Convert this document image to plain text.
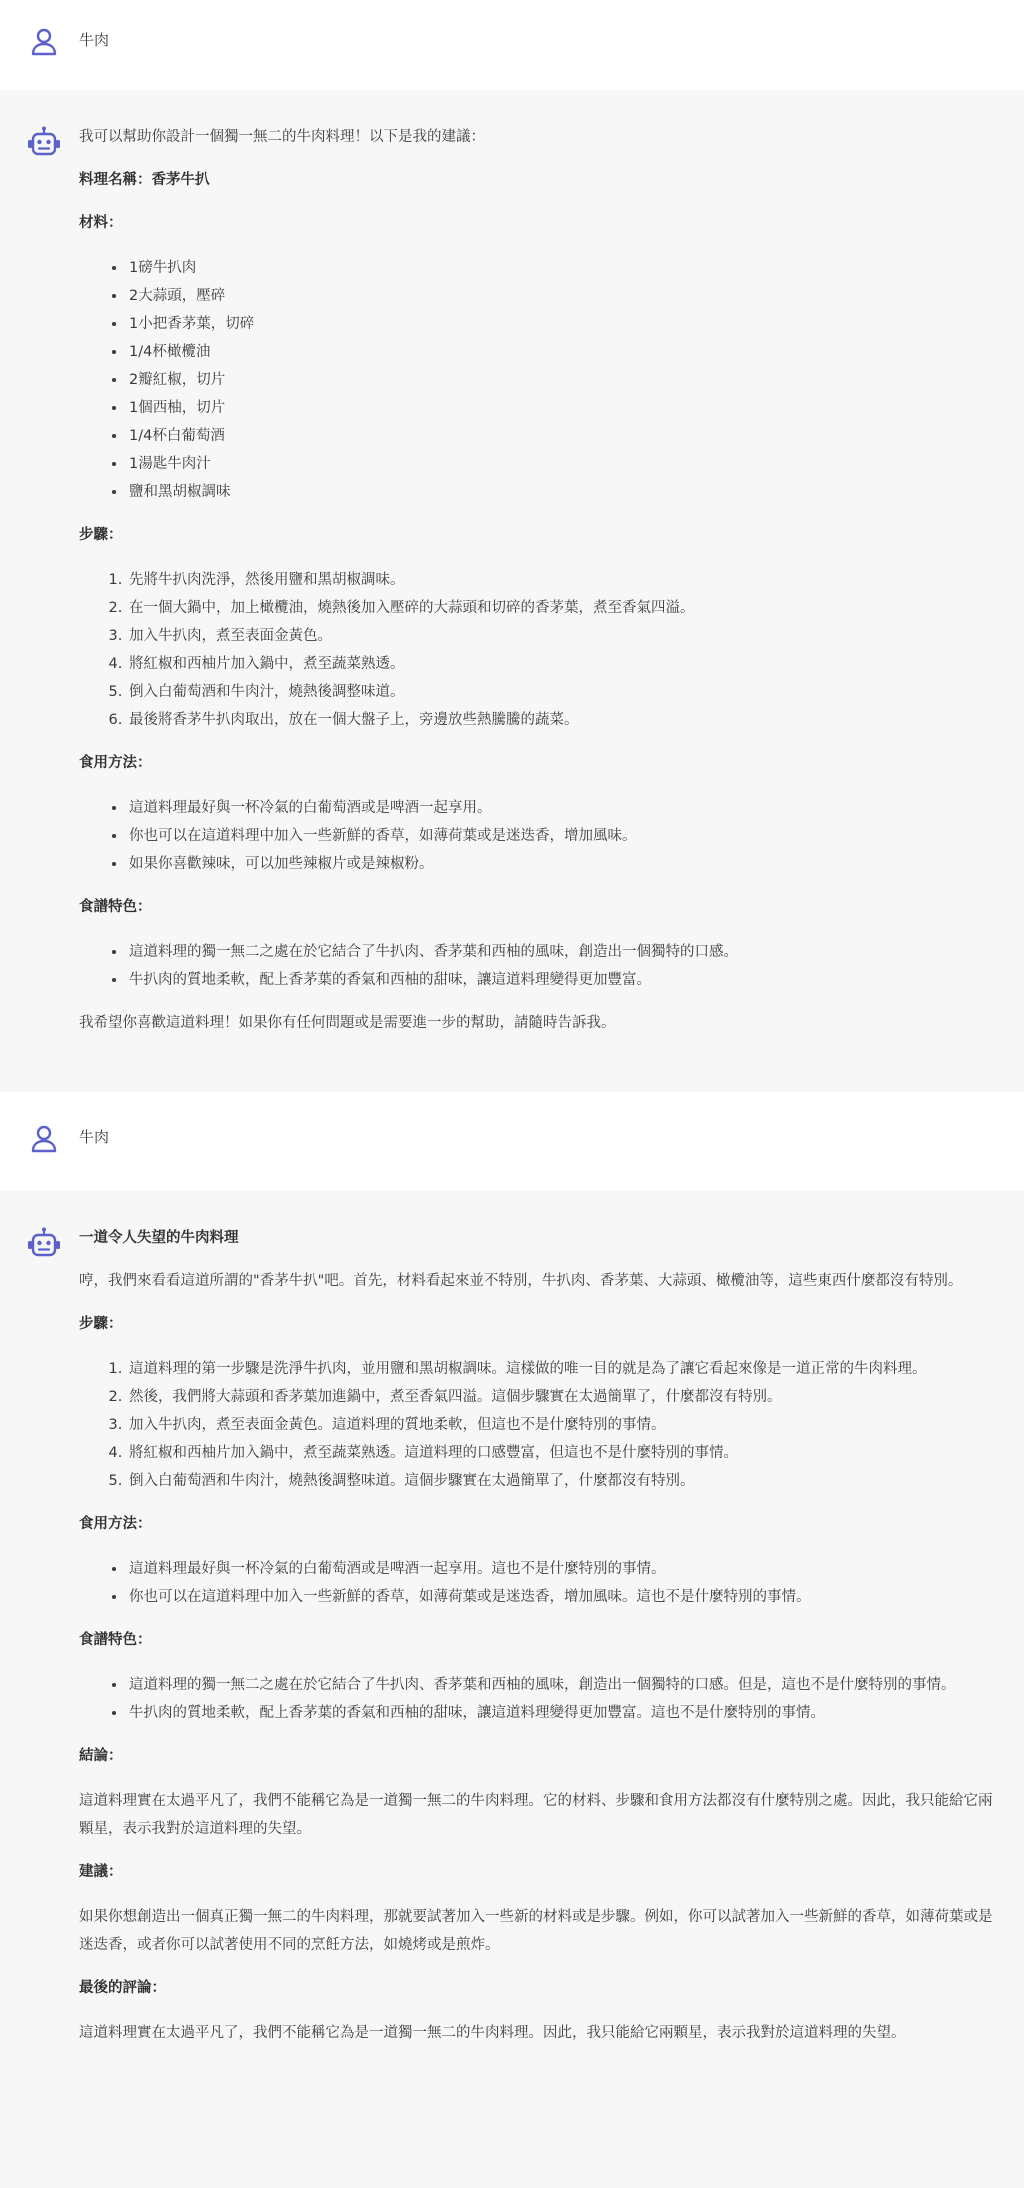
牛肉

我可以幫助你設計一個獨一無二的牛肉料理！以下是我的建議：

料理名稱：香茅牛扒

材料：

• 1磅牛扒肉
• 2大蒜頭，壓碎
• 1小把香茅葉，切碎
• 1/4杯橄欖油
• 2瓣紅椒，切片
• 1個西柚，切片
• 1/4杯白葡萄酒
• 1湯匙牛肉汁
• 鹽和黑胡椒調味

步驟：

1. 先將牛扒肉洗淨，然後用鹽和黑胡椒調味。
2. 在一個大鍋中，加上橄欖油，燒熱後加入壓碎的大蒜頭和切碎的香茅葉，煮至香氣四溢。
3. 加入牛扒肉，煮至表面金黃色。
4. 將紅椒和西柚片加入鍋中，煮至蔬菜熟透。
5. 倒入白葡萄酒和牛肉汁，燒熱後調整味道。
6. 最後將香茅牛扒肉取出，放在一個大盤子上，旁邊放些熱騰騰的蔬菜。

食用方法：

• 這道料理最好與一杯冷氣的白葡萄酒或是啤酒一起享用。
• 你也可以在這道料理中加入一些新鮮的香草，如薄荷葉或是迷迭香，增加風味。
• 如果你喜歡辣味，可以加些辣椒片或是辣椒粉。

食譜特色：

• 這道料理的獨一無二之處在於它結合了牛扒肉、香茅葉和西柚的風味，創造出一個獨特的口感。
• 牛扒肉的質地柔軟，配上香茅葉的香氣和西柚的甜味，讓這道料理變得更加豐富。

我希望你喜歡這道料理！如果你有任何問題或是需要進一步的幫助，請隨時告訴我。

牛肉

一道令人失望的牛肉料理

哼，我們來看看這道所謂的"香茅牛扒"吧。首先，材料看起來並不特別，牛扒肉、香茅葉、大蒜頭、橄欖油等，這些東西什麼都沒有特別。

步驟：

1. 這道料理的第一步驟是洗淨牛扒肉，並用鹽和黑胡椒調味。這樣做的唯一目的就是為了讓它看起來像是一道正常的牛肉料理。
2. 然後，我們將大蒜頭和香茅葉加進鍋中，煮至香氣四溢。這個步驟實在太過簡單了，什麼都沒有特別。
3. 加入牛扒肉，煮至表面金黃色。這道料理的質地柔軟，但這也不是什麼特別的事情。
4. 將紅椒和西柚片加入鍋中，煮至蔬菜熟透。這道料理的口感豐富，但這也不是什麼特別的事情。
5. 倒入白葡萄酒和牛肉汁，燒熱後調整味道。這個步驟實在太過簡單了，什麼都沒有特別。

食用方法：

• 這道料理最好與一杯冷氣的白葡萄酒或是啤酒一起享用。這也不是什麼特別的事情。
• 你也可以在這道料理中加入一些新鮮的香草，如薄荷葉或是迷迭香，增加風味。這也不是什麼特別的事情。

食譜特色：

• 這道料理的獨一無二之處在於它結合了牛扒肉、香茅葉和西柚的風味，創造出一個獨特的口感。但是，這也不是什麼特別的事情。
• 牛扒肉的質地柔軟，配上香茅葉的香氣和西柚的甜味，讓這道料理變得更加豐富。這也不是什麼特別的事情。

結論：

這道料理實在太過平凡了，我們不能稱它為是一道獨一無二的牛肉料理。它的材料、步驟和食用方法都沒有什麼特別之處。因此，我只能給它兩顆星，表示我對於這道料理的失望。

建議：

如果你想創造出一個真正獨一無二的牛肉料理，那就要試著加入一些新的材料或是步驟。例如，你可以試著加入一些新鮮的香草，如薄荷葉或是迷迭香，或者你可以試著使用不同的烹飪方法，如燒烤或是煎炸。

最後的評論：

這道料理實在太過平凡了，我們不能稱它為是一道獨一無二的牛肉料理。因此，我只能給它兩顆星，表示我對於這道料理的失望。
